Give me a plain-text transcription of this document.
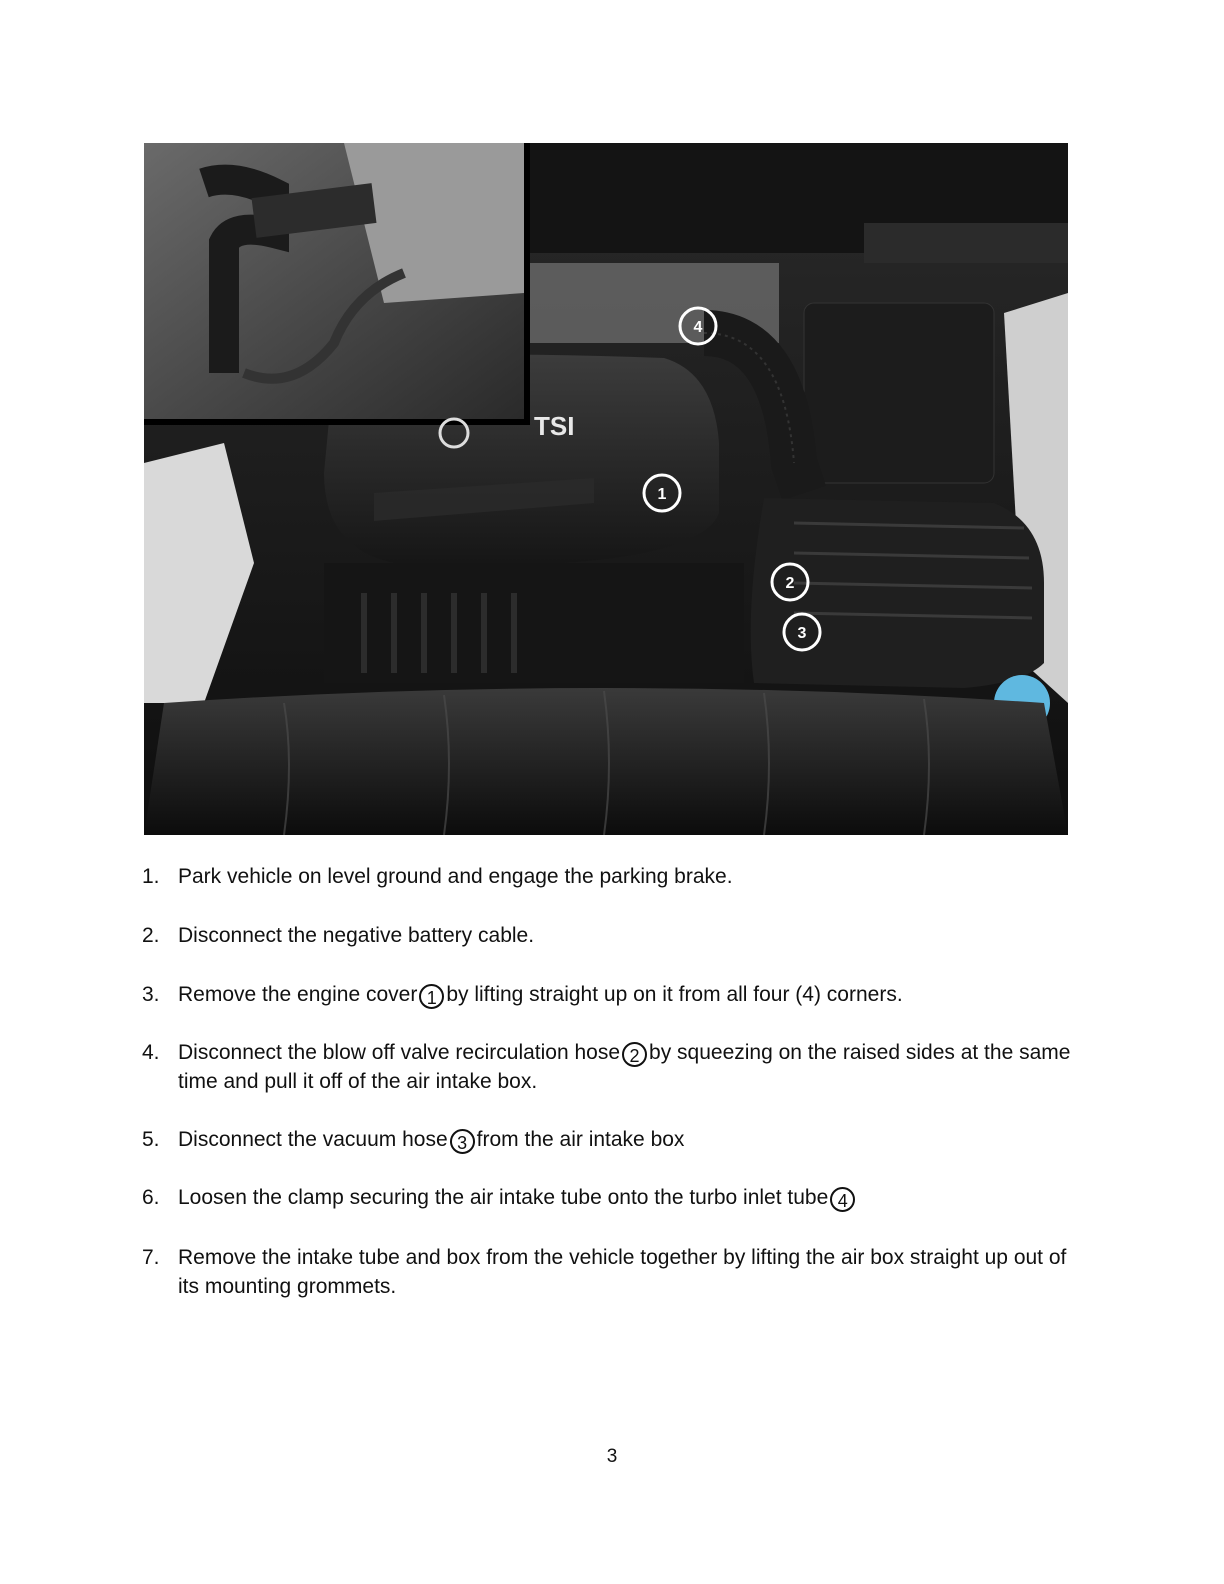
TSI
1
2
3
4
1. Park vehicle on level ground and engage the parking brake.
2. Disconnect the negative battery cable.
3. Remove the engine cover 1 by lifting straight up on it from all four (4) corners.
4. Disconnect the blow off valve recirculation hose 2 by squeezing on the raised sides at the same time and pull it off of the air intake box.
5. Disconnect the vacuum hose 3 from the air intake box
6. Loosen the clamp securing the air intake tube onto the turbo inlet tube 4
7. Remove the intake tube and box from the vehicle together by lifting the air box straight up out of its mounting grommets.
3
